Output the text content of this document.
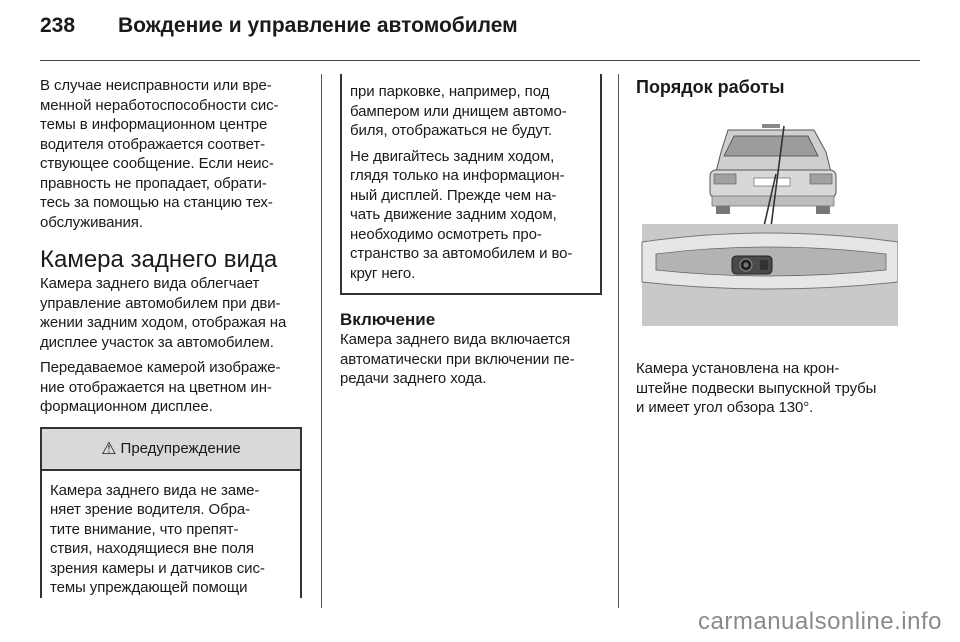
238	Вождение и управление автомобилем
В случае неисправности или вре-
менной неработоспособности сис-
темы в информационном центре
водителя отображается соответ-
ствующее сообщение. Если неис-
правность не пропадает, обрати-
тесь за помощью на станцию тех-
обслуживания.
Камера заднего вида
Камера заднего вида облегчает
управление автомобилем при дви-
жении задним ходом, отображая на
дисплее участок за автомобилем.
Передаваемое камерой изображе-
ние отображается на цветном ин-
формационном дисплее.
⚠ Предупреждение
Камера заднего вида не заме-
няет зрение водителя. Обра-
тите внимание, что препят-
ствия, находящиеся вне поля
зрения камеры и датчиков сис-
темы упреждающей помощи
при парковке, например, под
бампером или днищем автомо-
биля, отображаться не будут.
Не двигайтесь задним ходом,
глядя только на информацион-
ный дисплей. Прежде чем на-
чать движение задним ходом,
необходимо осмотреть про-
странство за автомобилем и во-
круг него.
Включение
Камера заднего вида включается
автоматически при включении пе-
редачи заднего хода.
Порядок работы
Камера установлена на крон-
штейне подвески выпускной трубы
и имеет угол обзора 130°.
carmanualsonline.info
